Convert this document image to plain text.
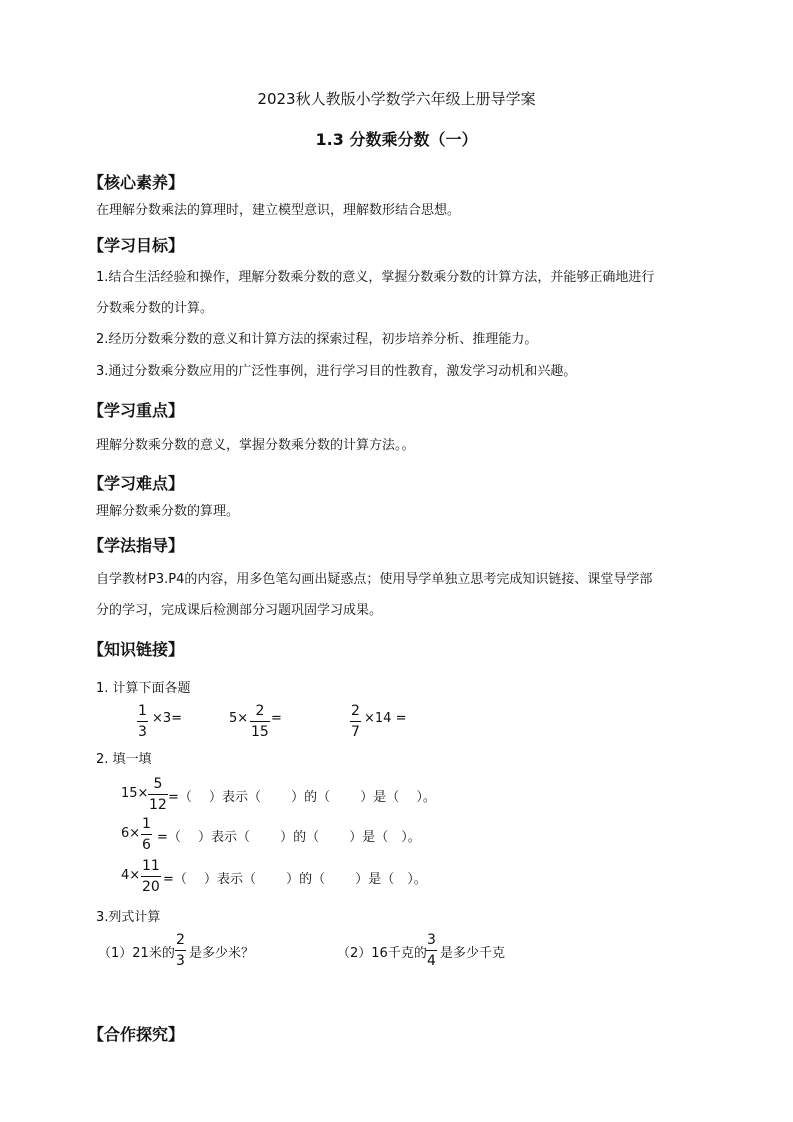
2023秋人教版小学数学六年级上册导学案
1.3 分数乘分数（一）
【核心素养】
在理解分数乘法的算理时，建立模型意识，理解数形结合思想。
【学习目标】
1.结合生活经验和操作，理解分数乘分数的意义，掌握分数乘分数的计算方法，并能够正确地进行
分数乘分数的计算。
2.经历分数乘分数的意义和计算方法的探索过程，初步培养分析、推理能力。
3.通过分数乘分数应用的广泛性事例，进行学习目的性教育，激发学习动机和兴趣。
【学习重点】
理解分数乘分数的意义，掌握分数乘分数的计算方法。。
【学习难点】
理解分数乘分数的算理。
【学法指导】
自学教材P3.P4的内容，用多色笔勾画出疑惑点；使用导学单独立思考完成知识链接、课堂导学部
分的学习，完成课后检测部分习题巩固学习成果。
【知识链接】
1. 计算下面各题
1
3
×3=	5× 2
15
=	2
7
×14 =
2. 填一填
15×
5
12 =（　 ）表示（　　 ）的（　　 ）是（　 ）。
6×
1
6 =（　 ）表示（　　 ）的（　　 ）是（　）。
4×
11
20 =（　 ）表示（　　 ）的（　　 ）是（　）。
3.列式计算
（1）21米的
2
3 是多少米？	（2）16千克的
3
4 是多少千克
【合作探究】
